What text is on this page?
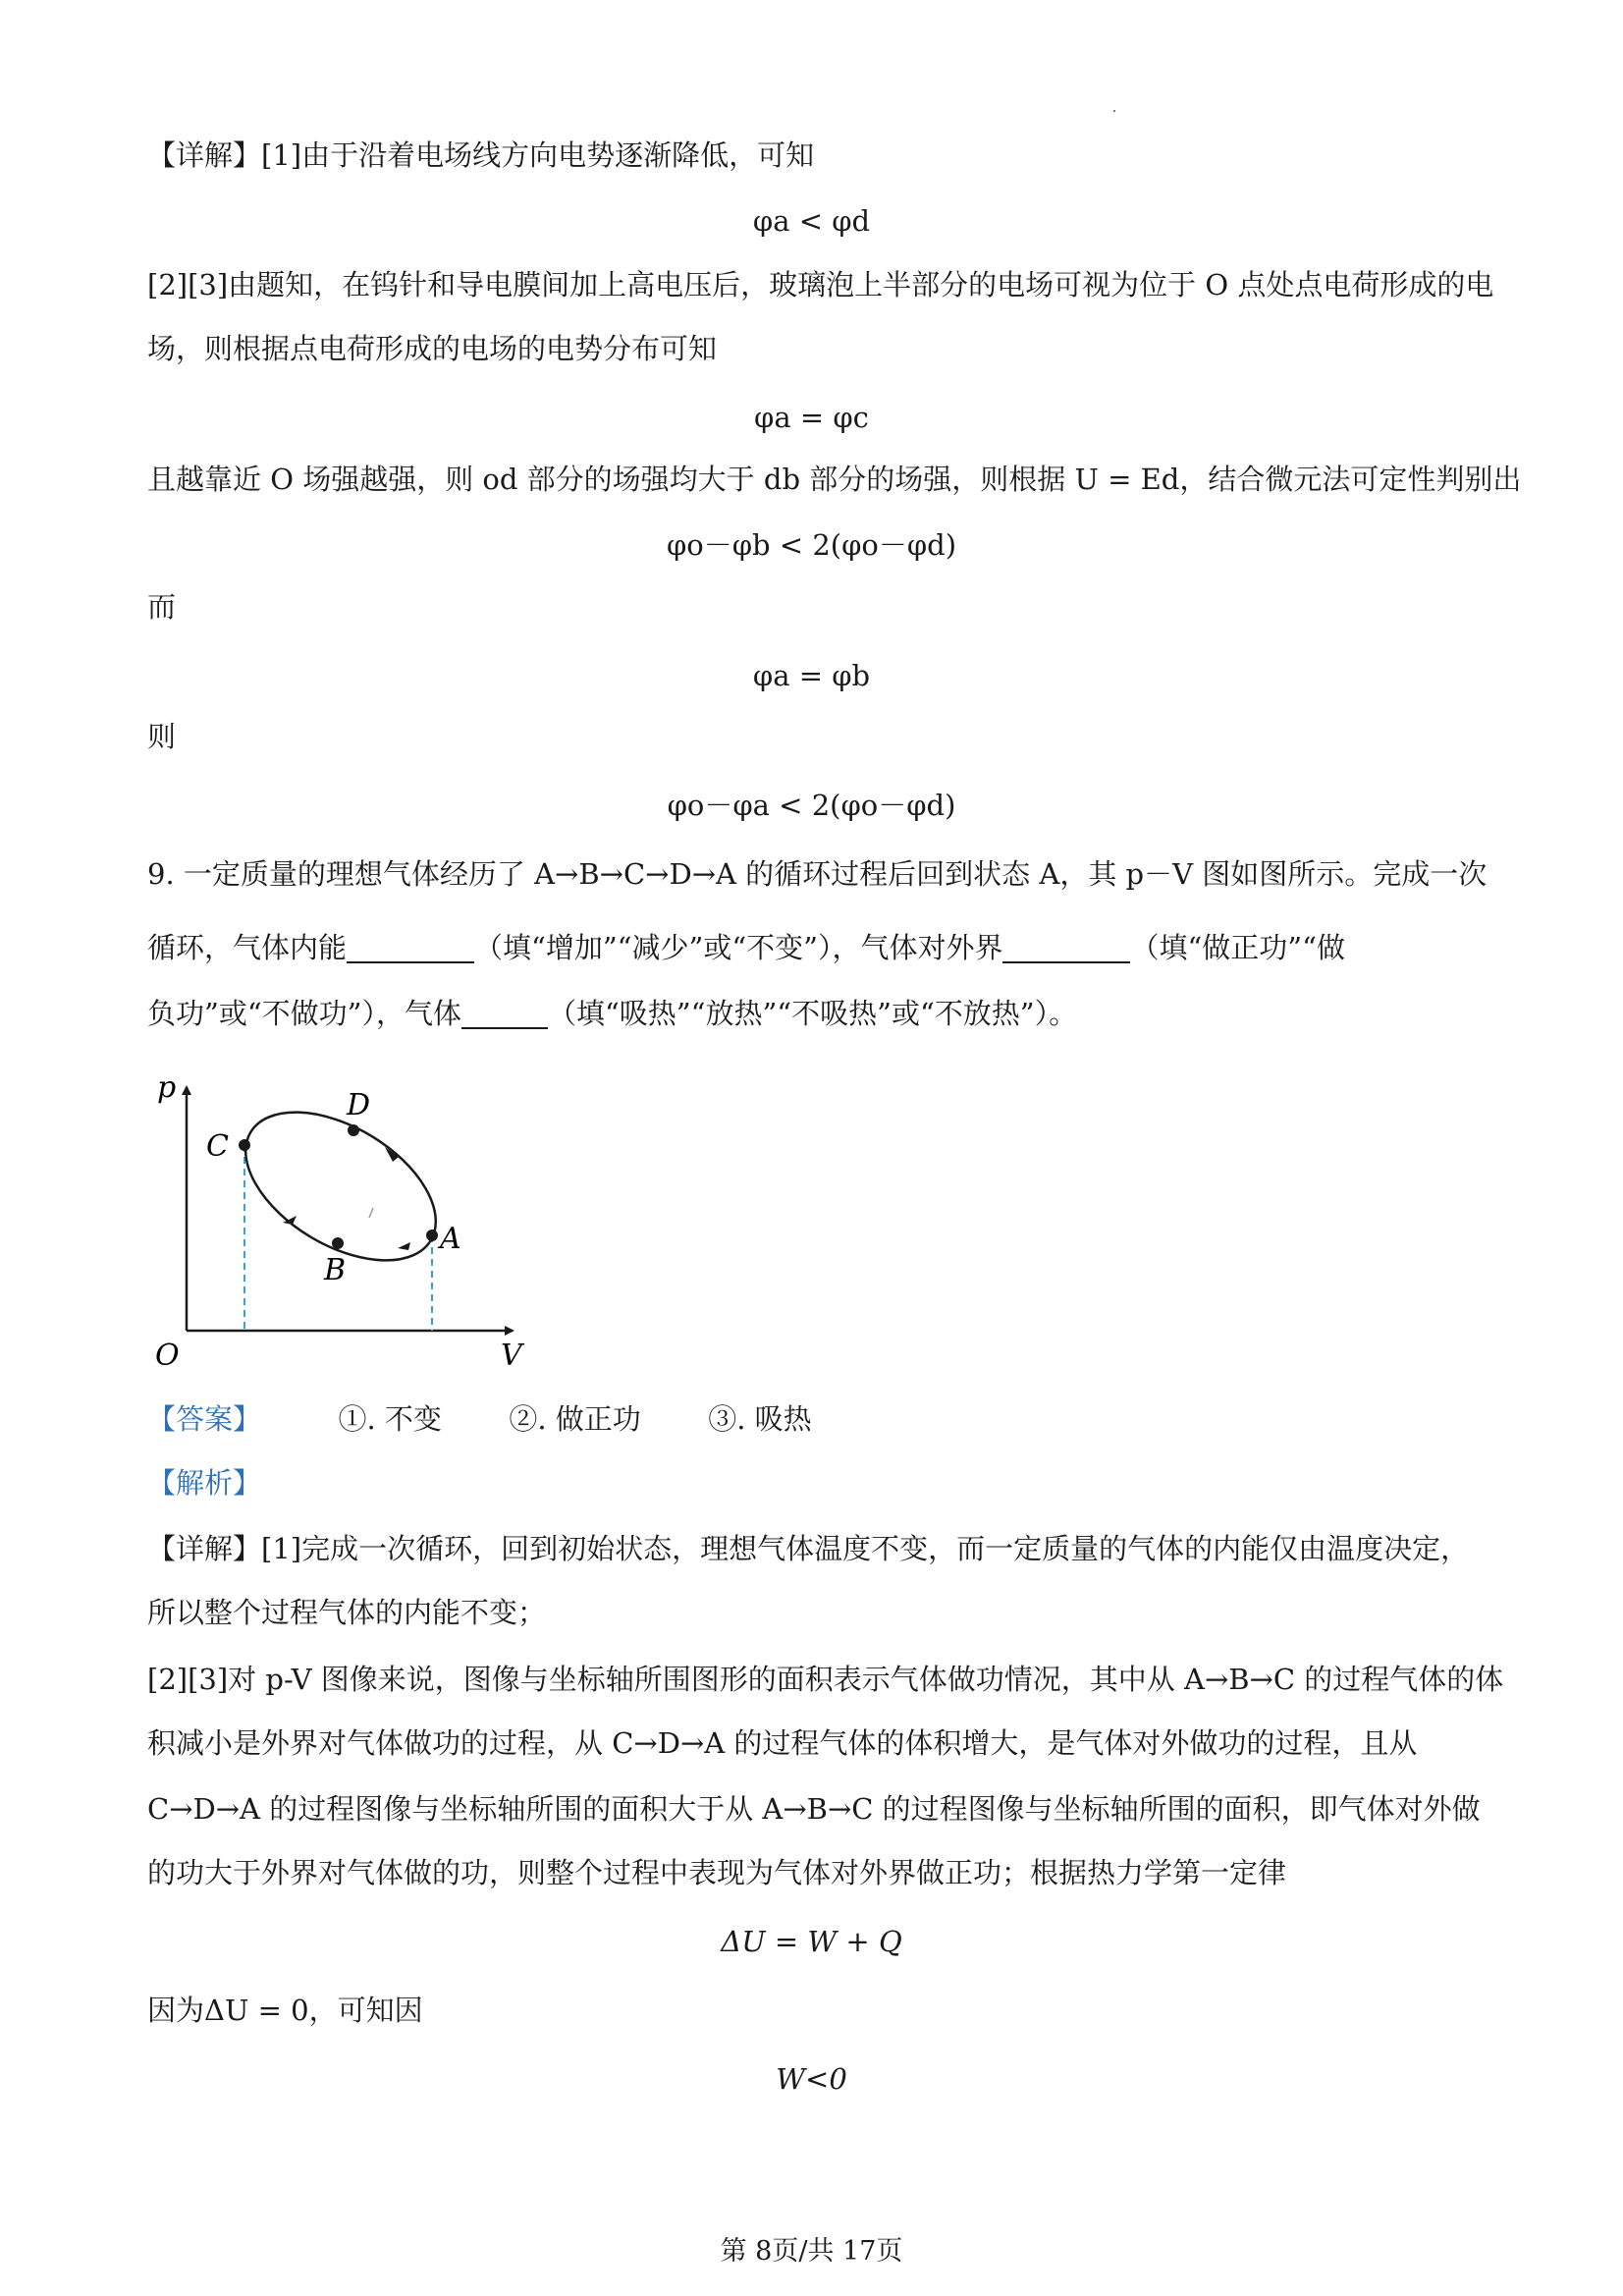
【详解】[1]由于沿着电场线方向电势逐渐降低，可知
φa < φd
[2][3]由题知，在钨针和导电膜间加上高电压后，玻璃泡上半部分的电场可视为位于 O 点处点电荷形成的电
场，则根据点电荷形成的电场的电势分布可知
φa = φc
且越靠近 O 场强越强，则 od 部分的场强均大于 db 部分的场强，则根据 U = Ed，结合微元法可定性判别出
φo－φb < 2(φo－φd)
而
φa = φb
则
φo－φa < 2(φo－φd)
9. 一定质量的理想气体经历了 A→B→C→D→A 的循环过程后回到状态 A，其 p－V 图如图所示。完成一次
循环，气体内能	（填“增加”“减少”或“不变”），气体对外界	（填“做正功”“做
负功”或“不做功”），气体	（填“吸热”“放热”“不吸热”或“不放热”）。
p
V
O
C
D
A
B
【答案】	①. 不变 ②. 做正功 ③. 吸热
【解析】
【详解】[1]完成一次循环，回到初始状态，理想气体温度不变，而一定质量的气体的内能仅由温度决定，
所以整个过程气体的内能不变；
[2][3]对 p-V 图像来说，图像与坐标轴所围图形的面积表示气体做功情况，其中从 A→B→C 的过程气体的体
积减小是外界对气体做功的过程，从 C→D→A 的过程气体的体积增大，是气体对外做功的过程，且从
C→D→A 的过程图像与坐标轴所围的面积大于从 A→B→C 的过程图像与坐标轴所围的面积，即气体对外做
的功大于外界对气体做的功，则整个过程中表现为气体对外界做正功；根据热力学第一定律
ΔU = W + Q
因为ΔU = 0，可知因
W<0
第 8页/共 17页
